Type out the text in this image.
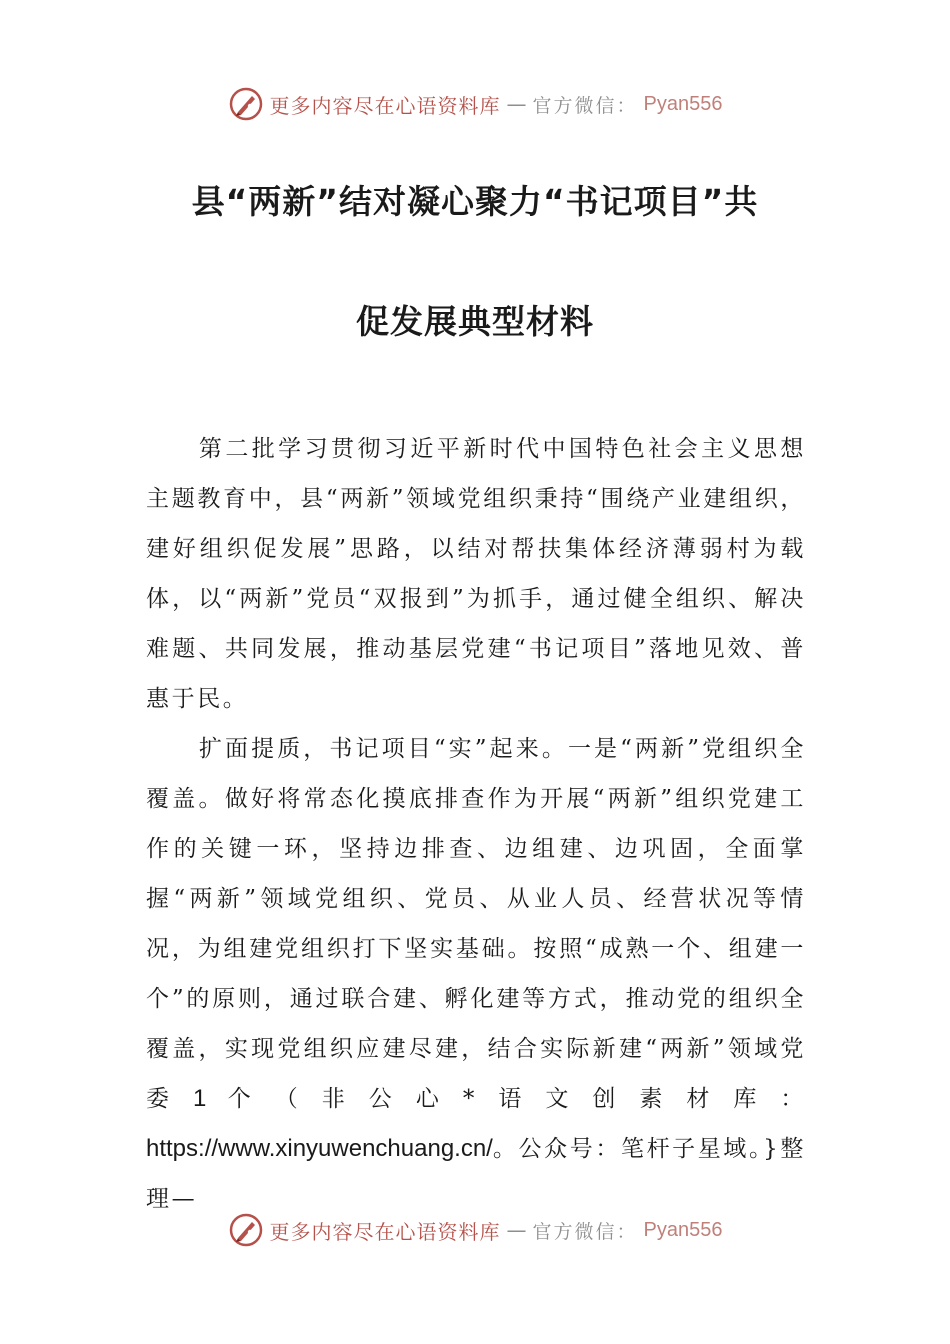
更多内容尽在心语资料库 — 官方微信： Pyan556
县“两新”结对凝心聚力“书记项目”共
促发展典型材料

第二批学习贯彻习近平新时代中国特色社会主义思想主题教育中，县“两新”领域党组织秉持“围绕产业建组织，建好组织促发展”思路，以结对帮扶集体经济薄弱村为载体，以“两新”党员“双报到”为抓手，通过健全组织、解决难题、共同发展，推动基层党建“书记项目”落地见效、普惠于民。

扩面提质，书记项目“实”起来。一是“两新”党组织全覆盖。做好将常态化摸底排查作为开展“两新”组织党建工作的关键一环，坚持边排查、边组建、边巩固，全面掌握“两新”领域党组织、党员、从业人员、经营状况等情况，为组建党组织打下坚实基础。按照“成熟一个、组建一个”的原则，通过联合建、孵化建等方式，推动党的组织全覆盖，实现党组织应建尽建，结合实际新建“两新”领域党委1个（非公心*语文创素材库：https://www.xinyuwenchuang.cn/。公众号：笔杆子星域。}整理—

更多内容尽在心语资料库 — 官方微信： Pyan556
